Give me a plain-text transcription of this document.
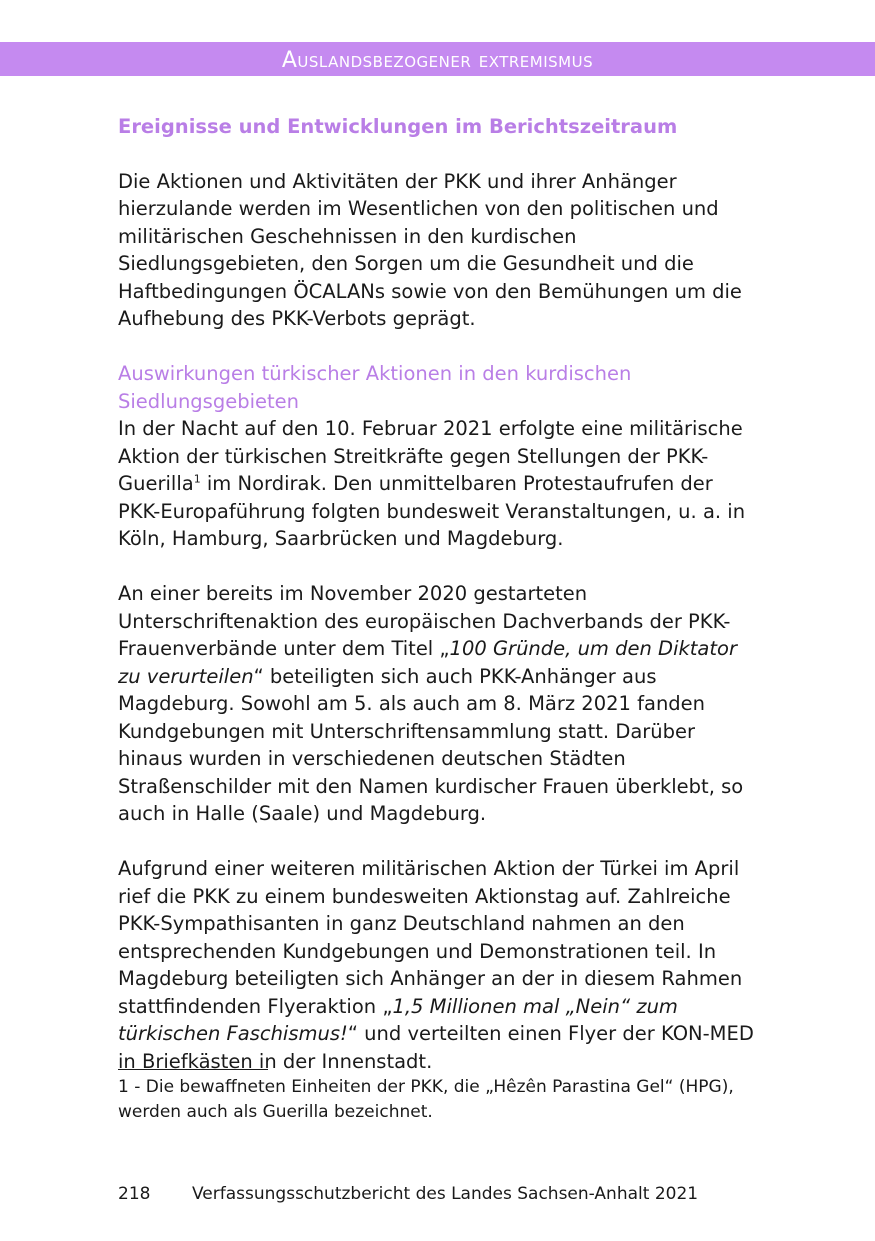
Auslandsbezogener extremismus
Ereignisse und Entwicklungen im Berichtszeitraum

Die Aktionen und Aktivitäten der PKK und ihrer Anhänger hierzulande werden im Wesentlichen von den politischen und militärischen Geschehnissen in den kurdischen Siedlungsgebieten, den Sorgen um die Gesundheit und die Haftbedingungen ÖCALANs sowie von den Bemühungen um die Aufhebung des PKK-Verbots geprägt.

Auswirkungen türkischer Aktionen in den kurdischen Siedlungsgebieten

In der Nacht auf den 10. Februar 2021 erfolgte eine militärische Aktion der türkischen Streitkräfte gegen Stellungen der PKK-Guerilla$^1$ im Nordirak. Den unmittelbaren Protestaufrufen der PKK-Europaführung folgten bundesweit Veranstaltungen, u. a. in Köln, Hamburg, Saarbrücken und Magdeburg.

An einer bereits im November 2020 gestarteten Unterschriftenaktion des europäischen Dachverbands der PKK-Frauenverbände unter dem Titel „100 Gründe, um den Diktator zu verurteilen“ beteiligten sich auch PKK-Anhänger aus Magdeburg. Sowohl am 5. als auch am 8. März 2021 fanden Kundgebungen mit Unterschriftensammlung statt. Darüber hinaus wurden in verschiedenen deutschen Städten Straßenschilder mit den Namen kurdischer Frauen überklebt, so auch in Halle (Saale) und Magdeburg.

Aufgrund einer weiteren militärischen Aktion der Türkei im April rief die PKK zu einem bundesweiten Aktionstag auf. Zahlreiche PKK-Sympathisanten in ganz Deutschland nahmen an den entsprechenden Kundgebungen und Demonstrationen teil. In Magdeburg beteiligten sich Anhänger an der in diesem Rahmen stattfindenden Flyeraktion „1,5 Millionen mal „Nein“ zum türkischen Faschismus!“ und verteilten einen Flyer der KON-MED in Briefkästen in der Innenstadt.

1 - Die bewaffneten Einheiten der PKK, die „Hêzên Parastina Gel“ (HPG), werden auch als Guerilla bezeichnet.
218 Verfassungsschutzbericht des Landes Sachsen-Anhalt 2021
